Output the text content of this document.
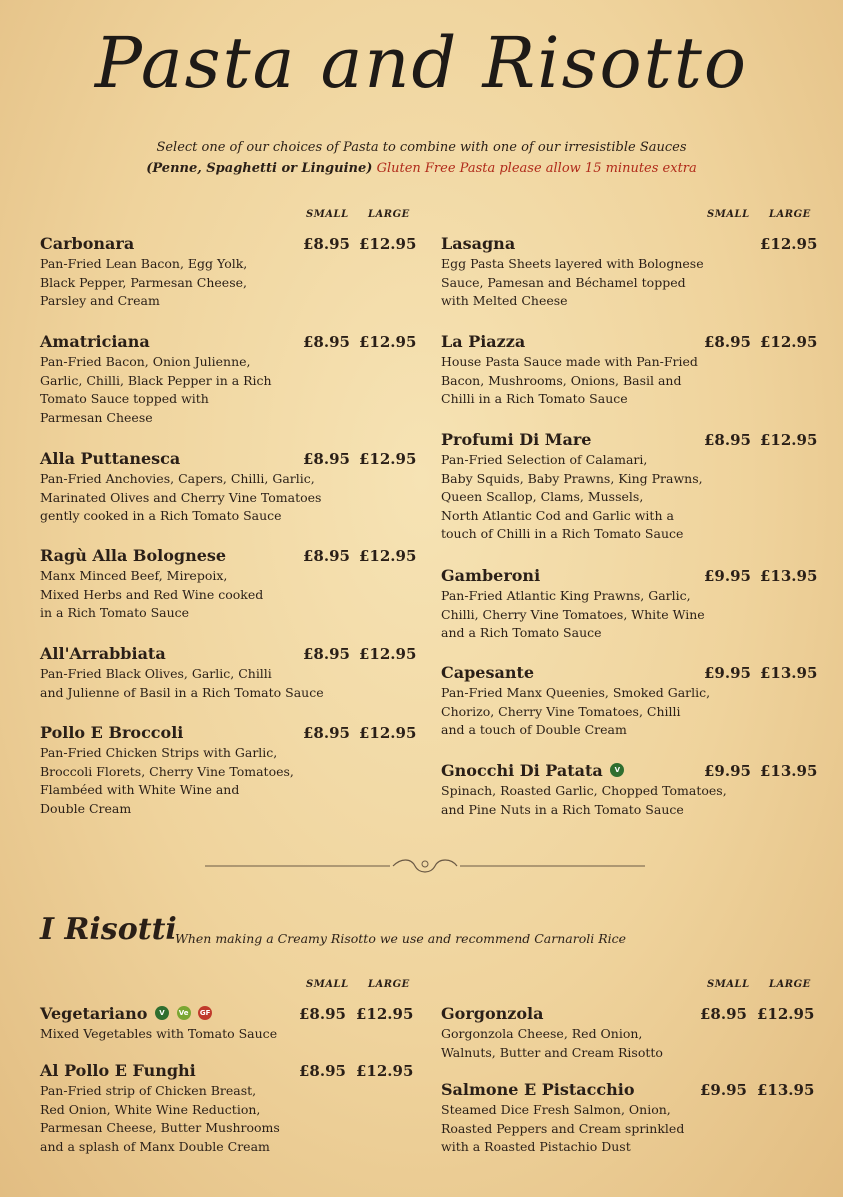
Pasta and Risotto
Select one of our choices of Pasta to combine with one of our irresistible Sauces
(Penne, Spaghetti or Linguine) Gluten Free Pasta please allow 15 minutes extra
SMALL LARGE	SMALL LARGE
Carbonara	£8.95 £12.95
Pan-Fried Lean Bacon, Egg Yolk,
Black Pepper, Parmesan Cheese,
Parsley and Cream
Amatriciana	£8.95 £12.95
Pan-Fried Bacon, Onion Julienne,
Garlic, Chilli, Black Pepper in a Rich
Tomato Sauce topped with
Parmesan Cheese
Alla Puttanesca	£8.95 £12.95
Pan-Fried Anchovies, Capers, Chilli, Garlic,
Marinated Olives and Cherry Vine Tomatoes
gently cooked in a Rich Tomato Sauce
Ragù Alla Bolognese	£8.95 £12.95
Manx Minced Beef, Mirepoix,
Mixed Herbs and Red Wine cooked
in a Rich Tomato Sauce
All'Arrabbiata	£8.95 £12.95
Pan-Fried Black Olives, Garlic, Chilli
and Julienne of Basil in a Rich Tomato Sauce
Pollo E Broccoli	£8.95 £12.95
Pan-Fried Chicken Strips with Garlic,
Broccoli Florets, Cherry Vine Tomatoes,
Flambéed with White Wine and
Double Cream
Lasagna	£12.95
Egg Pasta Sheets layered with Bolognese
Sauce, Pamesan and Béchamel topped
with Melted Cheese
La Piazza	£8.95 £12.95
House Pasta Sauce made with Pan-Fried
Bacon, Mushrooms, Onions, Basil and
Chilli in a Rich Tomato Sauce
Profumi Di Mare	£8.95 £12.95
Pan-Fried Selection of Calamari,
Baby Squids, Baby Prawns, King Prawns,
Queen Scallop, Clams, Mussels,
North Atlantic Cod and Garlic with a
touch of Chilli in a Rich Tomato Sauce
Gamberoni	£9.95 £13.95
Pan-Fried Atlantic King Prawns, Garlic,
Chilli, Cherry Vine Tomatoes, White Wine
and a Rich Tomato Sauce
Capesante	£9.95 £13.95
Pan-Fried Manx Queenies, Smoked Garlic,
Chorizo, Cherry Vine Tomatoes, Chilli
and a touch of Double Cream
Gnocchi Di Patata V	£9.95 £13.95
Spinach, Roasted Garlic, Chopped Tomatoes,
and Pine Nuts in a Rich Tomato Sauce
I Risotti
When making a Creamy Risotto we use and recommend Carnaroli Rice
SMALL LARGE	SMALL LARGE
Vegetariano V Ve GF	£8.95 £12.95
Mixed Vegetables with Tomato Sauce
Al Pollo E Funghi	£8.95 £12.95
Pan-Fried strip of Chicken Breast,
Red Onion, White Wine Reduction,
Parmesan Cheese, Butter Mushrooms
and a splash of Manx Double Cream
Gorgonzola	£8.95 £12.95
Gorgonzola Cheese, Red Onion,
Walnuts, Butter and Cream Risotto
Salmone E Pistacchio	£9.95 £13.95
Steamed Dice Fresh Salmon, Onion,
Roasted Peppers and Cream sprinkled
with a Roasted Pistachio Dust
